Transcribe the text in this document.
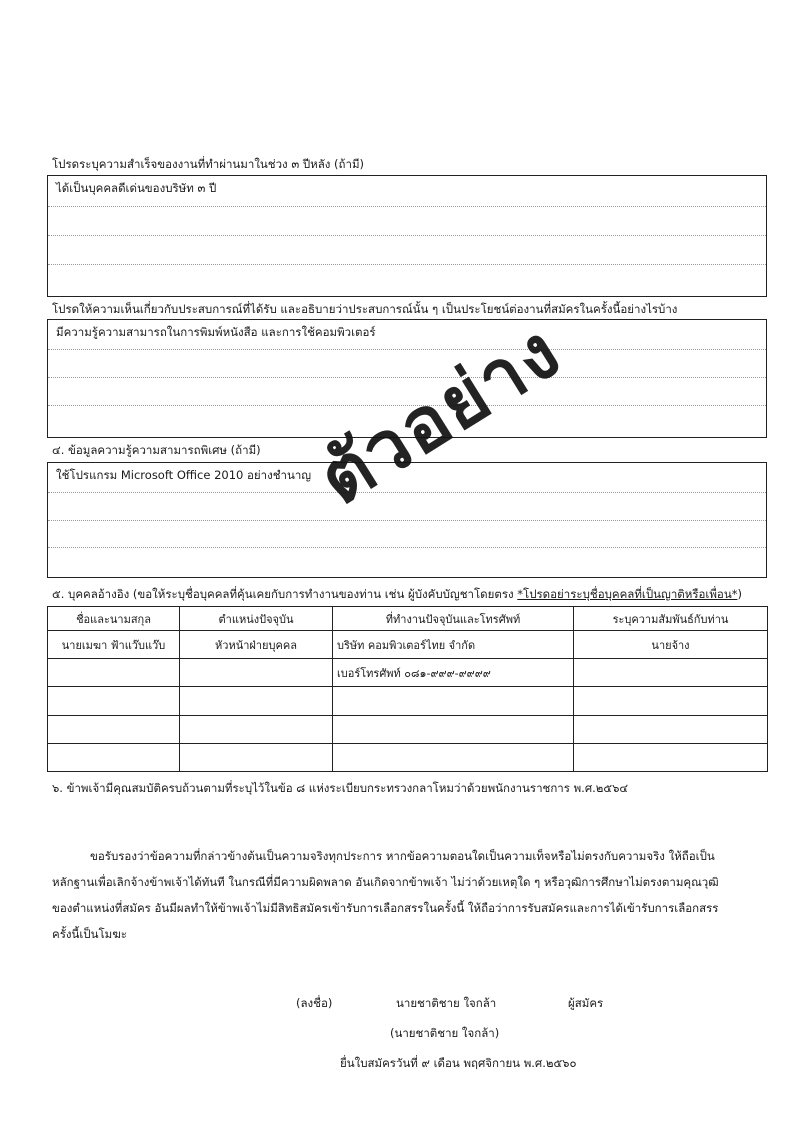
โปรดระบุความสำเร็จของงานที่ทำผ่านมาในช่วง ๓ ปีหลัง (ถ้ามี)
ได้เป็นบุคคลดีเด่นของบริษัท ๓ ปี
โปรดให้ความเห็นเกี่ยวกับประสบการณ์ที่ได้รับ และอธิบายว่าประสบการณ์นั้น ๆ เป็นประโยชน์ต่องานที่สมัครในครั้งนี้อย่างไรบ้าง
มีความรู้ความสามารถในการพิมพ์หนังสือ และการใช้คอมพิวเตอร์
๔. ข้อมูลความรู้ความสามารถพิเศษ (ถ้ามี)
ใช้โปรแกรม Microsoft Office 2010 อย่างชำนาญ
๕. บุคคลอ้างอิง (ขอให้ระบุชื่อบุคคลที่คุ้นเคยกับการทำงานของท่าน เช่น ผู้บังคับบัญชาโดยตรง *โปรดอย่าระบุชื่อบุคคลที่เป็นญาติหรือเพื่อน*)
ชื่อและนามสกุล	ตำแหน่งปัจจุบัน	ที่ทำงานปัจจุบันและโทรศัพท์	ระบุความสัมพันธ์กับท่าน
นายเมฆา ฟ้าแว๊บแว๊บ	หัวหน้าฝ่ายบุคคล	บริษัท คอมพิวเตอร์ไทย จำกัด	นายจ้าง
		เบอร์โทรศัพท์ ๐๘๑-๙๙๙-๙๙๙๙	

๖. ข้าพเจ้ามีคุณสมบัติครบถ้วนตามที่ระบุไว้ในข้อ ๘ แห่งระเบียบกระทรวงกลาโหมว่าด้วยพนักงานราชการ พ.ศ.๒๕๖๔
ขอรับรองว่าข้อความที่กล่าวข้างต้นเป็นความจริงทุกประการ หากข้อความตอนใดเป็นความเท็จหรือไม่ตรงกับความจริง ให้ถือเป็น
หลักฐานเพื่อเลิกจ้างข้าพเจ้าได้ทันที ในกรณีที่มีความผิดพลาด อันเกิดจากข้าพเจ้า ไม่ว่าด้วยเหตุใด ๆ หรือวุฒิการศึกษาไม่ตรงตามคุณวุฒิ
ของตำแหน่งที่สมัคร อันมีผลทำให้ข้าพเจ้าไม่มีสิทธิสมัครเข้ารับการเลือกสรรในครั้งนี้ ให้ถือว่าการรับสมัครและการได้เข้ารับการเลือกสรร
ครั้งนี้เป็นโมฆะ
(ลงชื่อ)	นายชาติชาย ใจกล้า	ผู้สมัคร
(นายชาติชาย ใจกล้า)
ยื่นใบสมัครวันที่ ๙ เดือน พฤศจิกายน พ.ศ.๒๕๖๐
ตัวอย่าง
